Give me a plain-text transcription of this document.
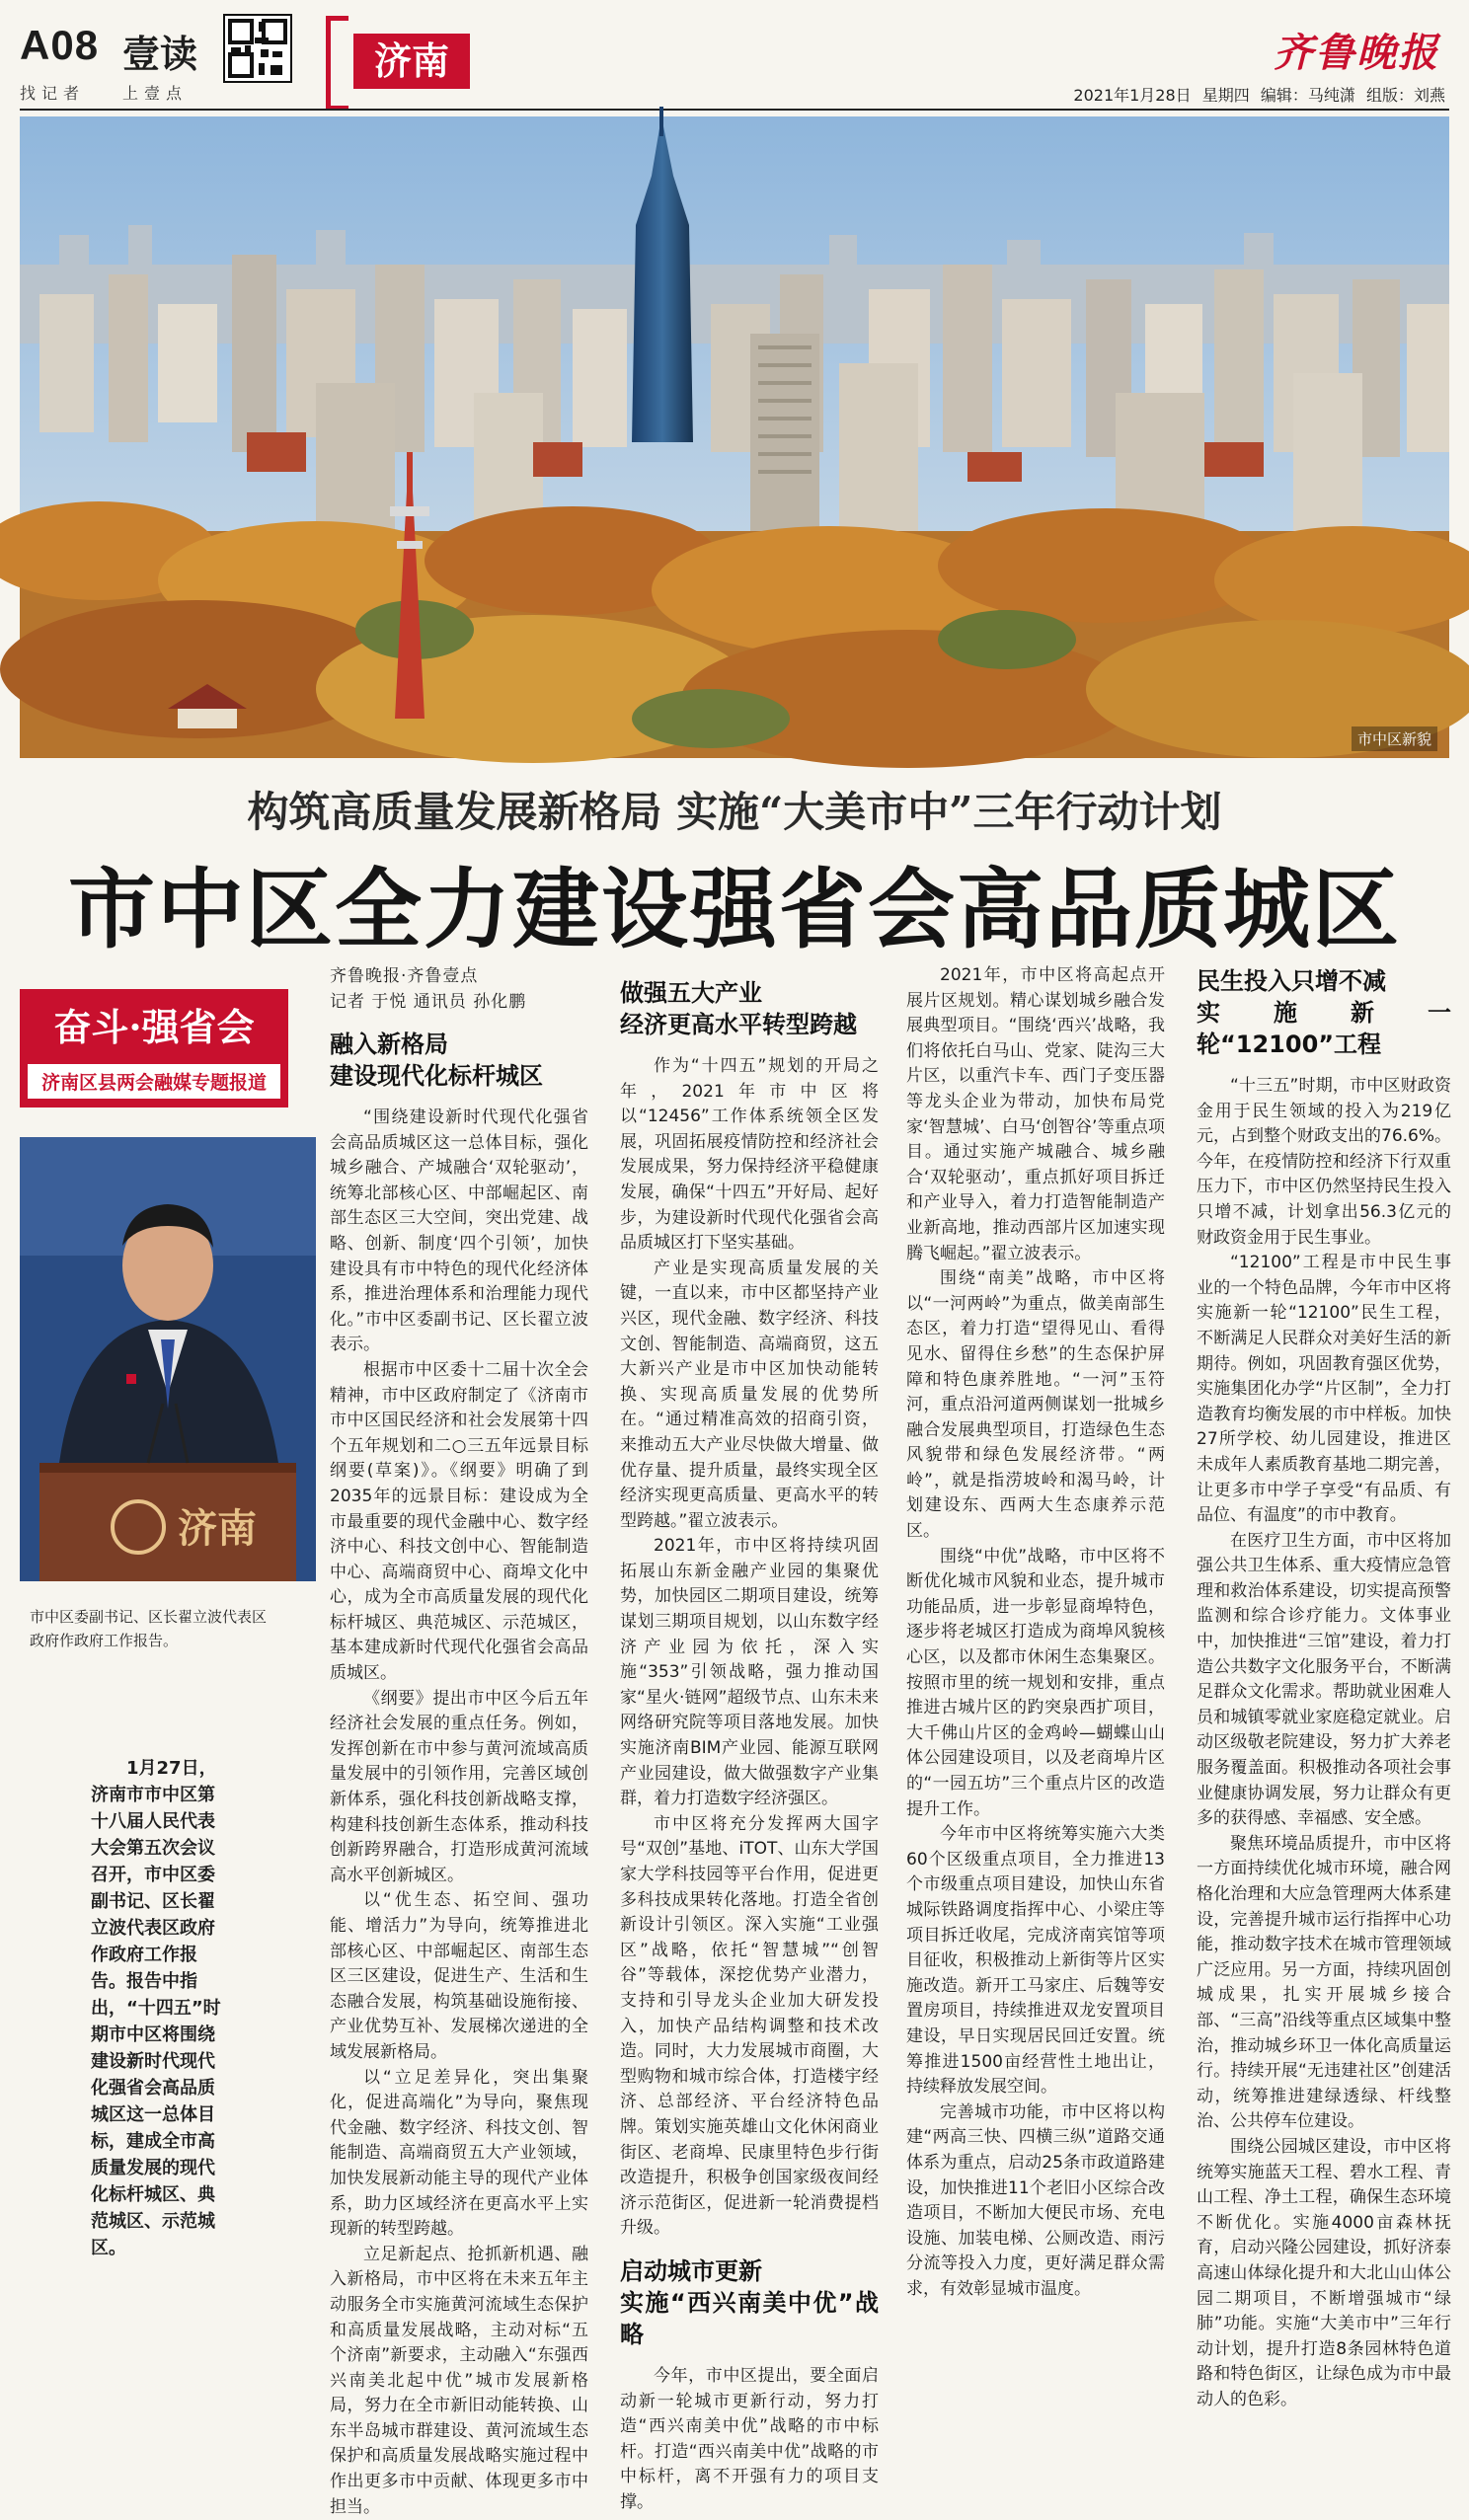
A08 壹读
找记者 上壹点
济南	齐鲁晚报
2021年1月28日 星期四 编辑：马纯潇 组版：刘燕
市中区新貌
构筑高质量发展新格局 实施“大美市中”三年行动计划
市中区全力建设强省会高品质城区
奋斗·强省会
济南区县两会融媒专题报道
济南
市中区委副书记、区长翟立波代表区政府作政府工作报告。
1月27日，济南市市中区第十八届人民代表大会第五次会议召开，市中区委副书记、区长翟立波代表区政府作政府工作报告。报告中指出，“十四五”时期市中区将围绕建设新时代现代化强省会高品质城区这一总体目标，建成全市高质量发展的现代化标杆城区、典范城区、示范城区。
齐鲁晚报·齐鲁壹点
记者 于悦 通讯员 孙化鹏
融入新格局
建设现代化标杆城区

“围绕建设新时代现代化强省会高品质城区这一总体目标，强化城乡融合、产城融合‘双轮驱动’，统筹北部核心区、中部崛起区、南部生态区三大空间，突出党建、战略、创新、制度‘四个引领’，加快建设具有市中特色的现代化经济体系，推进治理体系和治理能力现代化。”市中区委副书记、区长翟立波表示。

根据市中区委十二届十次全会精神，市中区政府制定了《济南市市中区国民经济和社会发展第十四个五年规划和二○三五年远景目标纲要(草案)》。《纲要》明确了到2035年的远景目标：建设成为全市最重要的现代金融中心、数字经济中心、科技文创中心、智能制造中心、高端商贸中心、商埠文化中心，成为全市高质量发展的现代化标杆城区、典范城区、示范城区，基本建成新时代现代化强省会高品质城区。

《纲要》提出市中区今后五年经济社会发展的重点任务。例如，发挥创新在市中参与黄河流域高质量发展中的引领作用，完善区域创新体系，强化科技创新战略支撑，构建科技创新生态体系，推动科技创新跨界融合，打造形成黄河流域高水平创新城区。

以“优生态、拓空间、强功能、增活力”为导向，统筹推进北部核心区、中部崛起区、南部生态区三区建设，促进生产、生活和生态融合发展，构筑基础设施衔接、产业优势互补、发展梯次递进的全域发展新格局。

以“立足差异化，突出集聚化，促进高端化”为导向，聚焦现代金融、数字经济、科技文创、智能制造、高端商贸五大产业领域，加快发展新动能主导的现代产业体系，助力区域经济在更高水平上实现新的转型跨越。

立足新起点、抢抓新机遇、融入新格局，市中区将在未来五年主动服务全市实施黄河流域生态保护和高质量发展战略，主动对标“五个济南”新要求，主动融入“东强西兴南美北起中优”城市发展新格局，努力在全市新旧动能转换、山东半岛城市群建设、黄河流域生态保护和高质量发展战略实施过程中作出更多市中贡献、体现更多市中担当。

做强五大产业
经济更高水平转型跨越

作为“十四五”规划的开局之年，2021年市中区将以“12456”工作体系统领全区发展，巩固拓展疫情防控和经济社会发展成果，努力保持经济平稳健康发展，确保“十四五”开好局、起好步，为建设新时代现代化强省会高品质城区打下坚实基础。

产业是实现高质量发展的关键，一直以来，市中区都坚持产业兴区，现代金融、数字经济、科技文创、智能制造、高端商贸，这五大新兴产业是市中区加快动能转换、实现高质量发展的优势所在。“通过精准高效的招商引资，来推动五大产业尽快做大增量、做优存量、提升质量，最终实现全区经济实现更高质量、更高水平的转型跨越。”翟立波表示。

2021年，市中区将持续巩固拓展山东新金融产业园的集聚优势，加快园区二期项目建设，统筹谋划三期项目规划，以山东数字经济产业园为依托，深入实施“353”引领战略，强力推动国家“星火·链网”超级节点、山东未来网络研究院等项目落地发展。加快实施济南BIM产业园、能源互联网产业园建设，做大做强数字产业集群，着力打造数字经济强区。

市中区将充分发挥两大国字号“双创”基地、iTOT、山东大学国家大学科技园等平台作用，促进更多科技成果转化落地。打造全省创新设计引领区。深入实施“工业强区”战略，依托“智慧城”“创智谷”等载体，深挖优势产业潜力，支持和引导龙头企业加大研发投入，加快产品结构调整和技术改造。同时，大力发展城市商圈，大型购物和城市综合体，打造楼宇经济、总部经济、平台经济特色品牌。策划实施英雄山文化休闲商业街区、老商埠、民康里特色步行街改造提升，积极争创国家级夜间经济示范街区，促进新一轮消费提档升级。

启动城市更新
实施“西兴南美中优”战略

今年，市中区提出，要全面启动新一轮城市更新行动，努力打造“西兴南美中优”战略的市中标杆。打造“西兴南美中优”战略的市中标杆，离不开强有力的项目支撑。

2021年，市中区将高起点开展片区规划。精心谋划城乡融合发展典型项目。“围绕‘西兴’战略，我们将依托白马山、党家、陡沟三大片区，以重汽卡车、西门子变压器等龙头企业为带动，加快布局党家‘智慧城’、白马‘创智谷’等重点项目。通过实施产城融合、城乡融合‘双轮驱动’，重点抓好项目拆迁和产业导入，着力打造智能制造产业新高地，推动西部片区加速实现腾飞崛起。”翟立波表示。

围绕“南美”战略，市中区将以“一河两岭”为重点，做美南部生态区，着力打造“望得见山、看得见水、留得住乡愁”的生态保护屏障和特色康养胜地。“一河”玉符河，重点沿河道两侧谋划一批城乡融合发展典型项目，打造绿色生态风貌带和绿色发展经济带。“两岭”，就是指涝坡岭和渴马岭，计划建设东、西两大生态康养示范区。

围绕“中优”战略，市中区将不断优化城市风貌和业态，提升城市功能品质，进一步彰显商埠特色，逐步将老城区打造成为商埠风貌核心区，以及都市休闲生态集聚区。按照市里的统一规划和安排，重点推进古城片区的趵突泉西扩项目，大千佛山片区的金鸡岭—蝴蝶山山体公园建设项目，以及老商埠片区的“一园五坊”三个重点片区的改造提升工作。

今年市中区将统筹实施六大类60个区级重点项目，全力推进13个市级重点项目建设，加快山东省城际铁路调度指挥中心、小梁庄等项目拆迁收尾，完成济南宾馆等项目征收，积极推动上新街等片区实施改造。新开工马家庄、后魏等安置房项目，持续推进双龙安置项目建设，早日实现居民回迁安置。统筹推进1500亩经营性土地出让，持续释放发展空间。

完善城市功能，市中区将以构建“两高三快、四横三纵”道路交通体系为重点，启动25条市政道路建设，加快推进11个老旧小区综合改造项目，不断加大便民市场、充电设施、加装电梯、公厕改造、雨污分流等投入力度，更好满足群众需求，有效彰显城市温度。

民生投入只增不减
实施新一轮“12100”工程

“十三五”时期，市中区财政资金用于民生领域的投入为219亿元，占到整个财政支出的76.6%。今年，在疫情防控和经济下行双重压力下，市中区仍然坚持民生投入只增不减，计划拿出56.3亿元的财政资金用于民生事业。

“12100”工程是市中民生事业的一个特色品牌，今年市中区将实施新一轮“12100”民生工程，不断满足人民群众对美好生活的新期待。例如，巩固教育强区优势，实施集团化办学“片区制”，全力打造教育均衡发展的市中样板。加快27所学校、幼儿园建设，推进区未成年人素质教育基地二期完善，让更多市中学子享受“有品质、有品位、有温度”的市中教育。

在医疗卫生方面，市中区将加强公共卫生体系、重大疫情应急管理和救治体系建设，切实提高预警监测和综合诊疗能力。文体事业中，加快推进“三馆”建设，着力打造公共数字文化服务平台，不断满足群众文化需求。帮助就业困难人员和城镇零就业家庭稳定就业。启动区级敬老院建设，努力扩大养老服务覆盖面。积极推动各项社会事业健康协调发展，努力让群众有更多的获得感、幸福感、安全感。

聚焦环境品质提升，市中区将一方面持续优化城市环境，融合网格化治理和大应急管理两大体系建设，完善提升城市运行指挥中心功能，推动数字技术在城市管理领域广泛应用。另一方面，持续巩固创城成果，扎实开展城乡接合部、“三高”沿线等重点区域集中整治，推动城乡环卫一体化高质量运行。持续开展“无违建社区”创建活动，统筹推进建绿透绿、杆线整治、公共停车位建设。

围绕公园城区建设，市中区将统筹实施蓝天工程、碧水工程、青山工程、净土工程，确保生态环境不断优化。实施4000亩森林抚育，启动兴隆公园建设，抓好济泰高速山体绿化提升和大北山山体公园二期项目，不断增强城市“绿肺”功能。实施“大美市中”三年行动计划，提升打造8条园林特色道路和特色街区，让绿色成为市中最动人的色彩。
